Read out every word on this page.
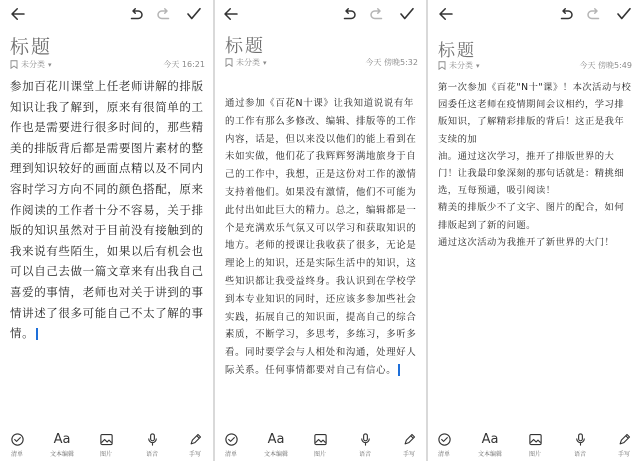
标题
未分类 ▾	今天 16:21
参加百花川课堂上任老师讲解的排版知识让我了解到，原来有很简单的工作也是需要进行很多时间的，那些精美的排版背后都是需要图片素材的整理到知识较好的画面点精以及不同内容时学习方向不同的颜色搭配，原来作阅读的工作者十分不容易，关于排版的知识虽然对于目前没有接触到的我来说有些陌生，如果以后有机会也可以自己去做一篇文章来有出我自己喜爱的事情，老师也对关于讲到的事情讲述了很多可能自己不太了解的事情。
清单
Aa
文本编辑	图片	语音	手写
标题
未分类 ▾	今天 傍晚5:32
通过参加《百花N十课》让我知道说说有年的工作有那么多修改、编辑、排版等的工作内容，话是，但以来没以他们的能上看到在未如实做，他们花了我辉辉努满地旅身于自己的工作中，我想，正是这份对工作的激情支持着他们。如果没有激情，他们不可能为此付出如此巨大的精力。总之，编辑都是一个是充满欢乐气氛又可以学习和获取知识的地方。老师的授课让我收获了很多，无论是理论上的知识，还是实际生活中的知识，这些知识都让我受益终身。我认识到在学校学到本专业知识的同时，还应该多参加些社会实践，拓展自己的知识面，提高自己的综合素质，不断学习，多思考，多练习，多听多看。同时要学会与人相处和沟通，处理好人际关系。任何事情都要对自己有信心。
清单
Aa
文本编辑	图片	语音	手写
标题
未分类 ▾	今天 傍晚5:49
第一次参加《百花"N十"课》！本次活动与校园委任这老师在疫情期间会议相约，学习排版知识，了解精彩排版的背后！这正是我年支续的加
油。通过这次学习，推开了排版世界的大门！让我最印象深刻的那句话就是：精挑细选，互每预通，吸引阅读！
精美的排版少不了文字、图片的配合，如何排版起到了新的问题。
通过这次活动为我推开了新世界的大门！
清单
Aa
文本编辑	图片	语音	手写
